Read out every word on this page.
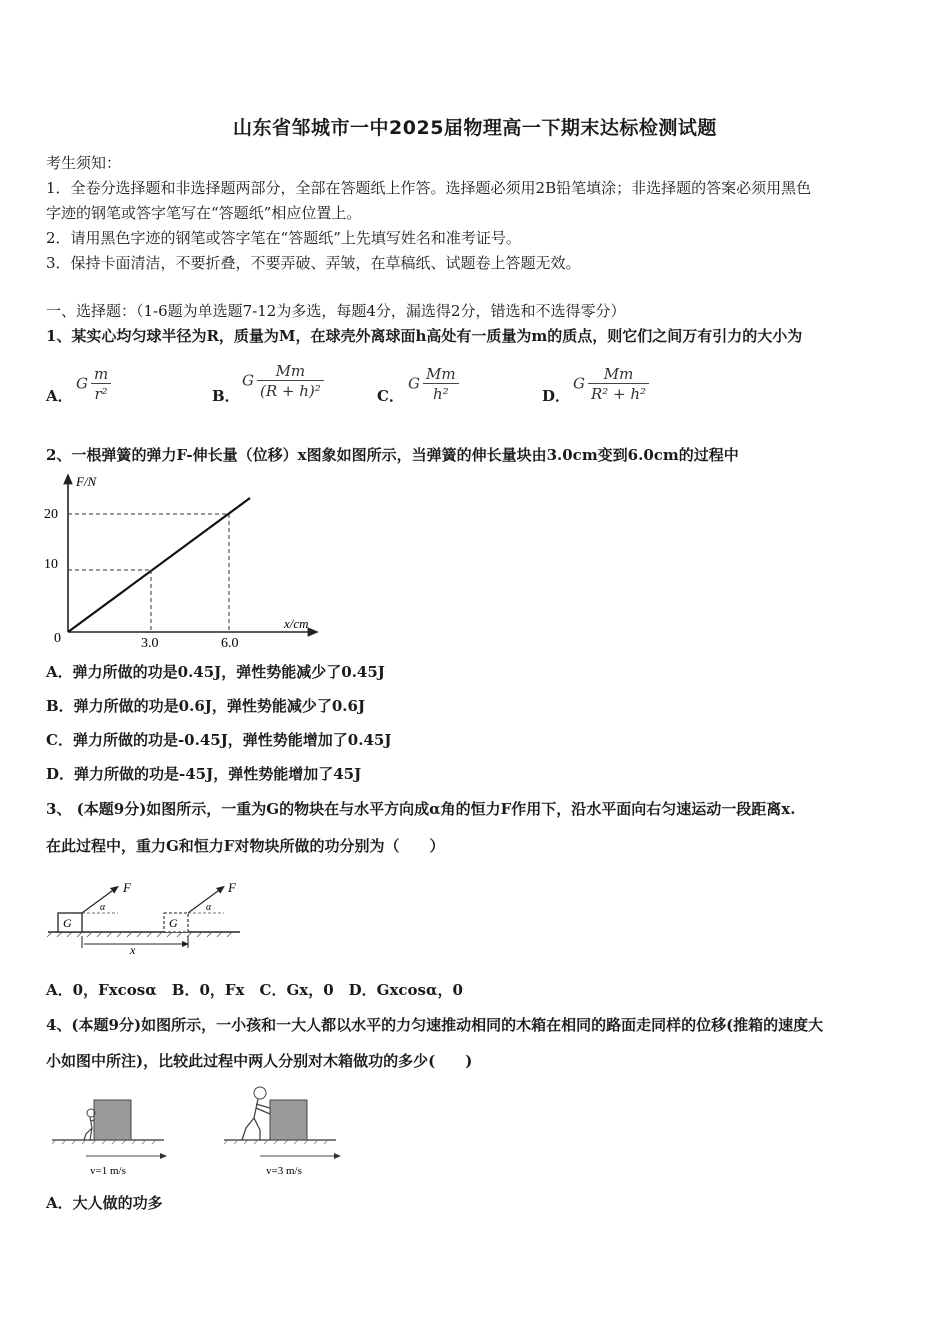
山东省邹城市一中2025届物理高一下期末达标检测试题
考生须知：
1．全卷分选择题和非选择题两部分，全部在答题纸上作答。选择题必须用2B铅笔填涂；非选择题的答案必须用黑色
字迹的钢笔或答字笔写在“答题纸”相应位置上。
2．请用黑色字迹的钢笔或答字笔在“答题纸”上先填写姓名和准考证号。
3．保持卡面清洁，不要折叠，不要弄破、弄皱，在草稿纸、试题卷上答题无效。
一、选择题：（1-6题为单选题7-12为多选，每题4分，漏选得2分，错选和不选得零分）
1、某实心均匀球半径为R，质量为M，在球壳外离球面h高处有一质量为m的质点，则它们之间万有引力的大小为
A．
G $\frac{m}{\text{r²}}$	B．
G $\frac{Mm}{\text{(R + h)²}}$	C．
G $\frac{Mm}{\text{h²}}$	D．
G $\frac{Mm}{\text{R² + h²}}$
2、一根弹簧的弹力F-伸长量（位移）x图象如图所示，当弹簧的伸长量块由3.0cm变到6.0cm的过程中
F/N
x/cm
0
10
20
3.0	6.0
A．弹力所做的功是0.45J，弹性势能减少了0.45J
B．弹力所做的功是0.6J，弹性势能减少了0.6J
C．弹力所做的功是-0.45J，弹性势能增加了0.45J
D．弹力所做的功是-45J，弹性势能增加了45J
3、 (本题9分)如图所示，一重为G的物块在与水平方向成α角的恒力F作用下，沿水平面向右匀速运动一段距离x.
在此过程中，重力G和恒力F对物块所做的功分别为（　　）
G
F
α
G
F
α
x
A．0，Fxcosα　B．0，Fx　C．Gx，0　D．Gxcosα，0
4、(本题9分)如图所示，一小孩和一大人都以水平的力匀速推动相同的木箱在相同的路面走同样的位移(推箱的速度大
小如图中所注)，比较此过程中两人分别对木箱做功的多少(　　)
v=1 m/s	v=3 m/s
A．大人做的功多
